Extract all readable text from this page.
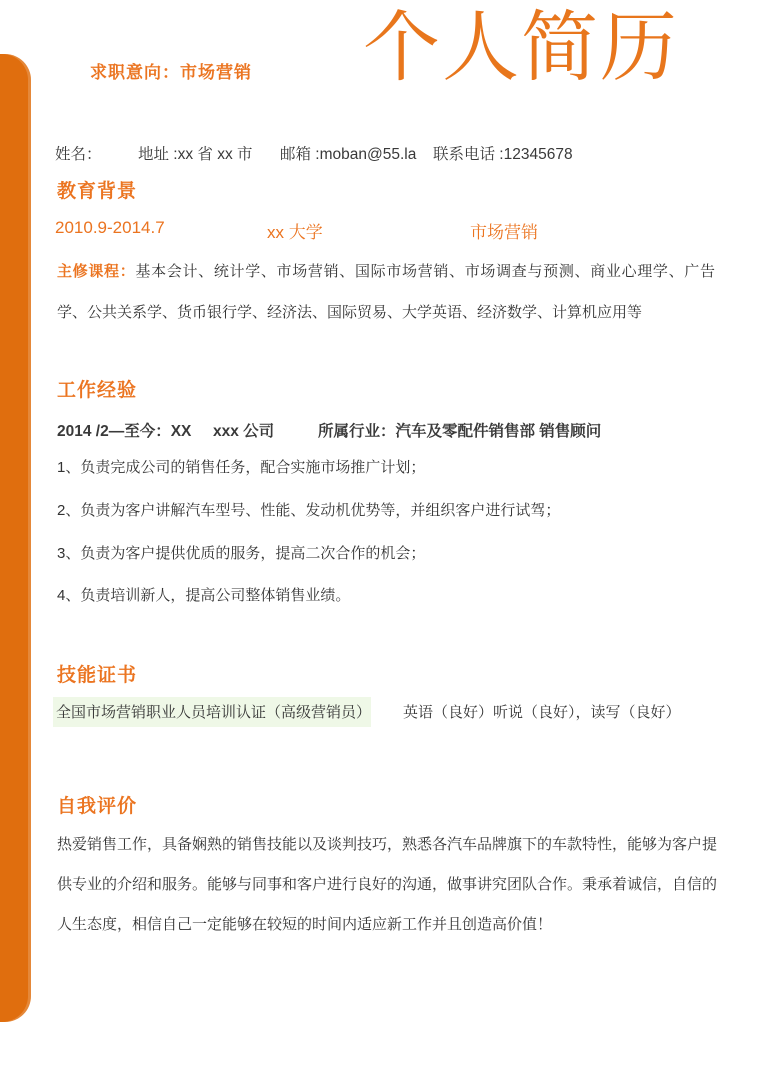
求职意向：市场营销 个人简历
姓名： 地址 :xx 省 xx 市 邮箱 :moban@55.la 联系电话 :12345678
教育背景
2010.9-2014.7	xx 大学	市场营销

主修课程：基本会计、统计学、市场营销、国际市场营销、市场调查与预测、商业心理学、广告学、公共关系学、货币银行学、经济法、国际贸易、大学英语、经济数学、计算机应用等

工作经验
2014 /2—至今：XX xxx 公司	所属行业：汽车及零配件销售部 销售顾问
1、负责完成公司的销售任务，配合实施市场推广计划；
2、负责为客户讲解汽车型号、性能、发动机优势等，并组织客户进行试驾；
3、负责为客户提供优质的服务，提高二次合作的机会；
4、负责培训新人，提高公司整体销售业绩。
技能证书
全国市场营销职业人员培训认证（高级营销员） 英语（良好）听说（良好），读写（良好）
自我评价

热爱销售工作，具备娴熟的销售技能以及谈判技巧，熟悉各汽车品牌旗下的车款特性，能够为客户提供专业的介绍和服务。能够与同事和客户进行良好的沟通，做事讲究团队合作。秉承着诚信，自信的人生态度，相信自己一定能够在较短的时间内适应新工作并且创造高价值！
